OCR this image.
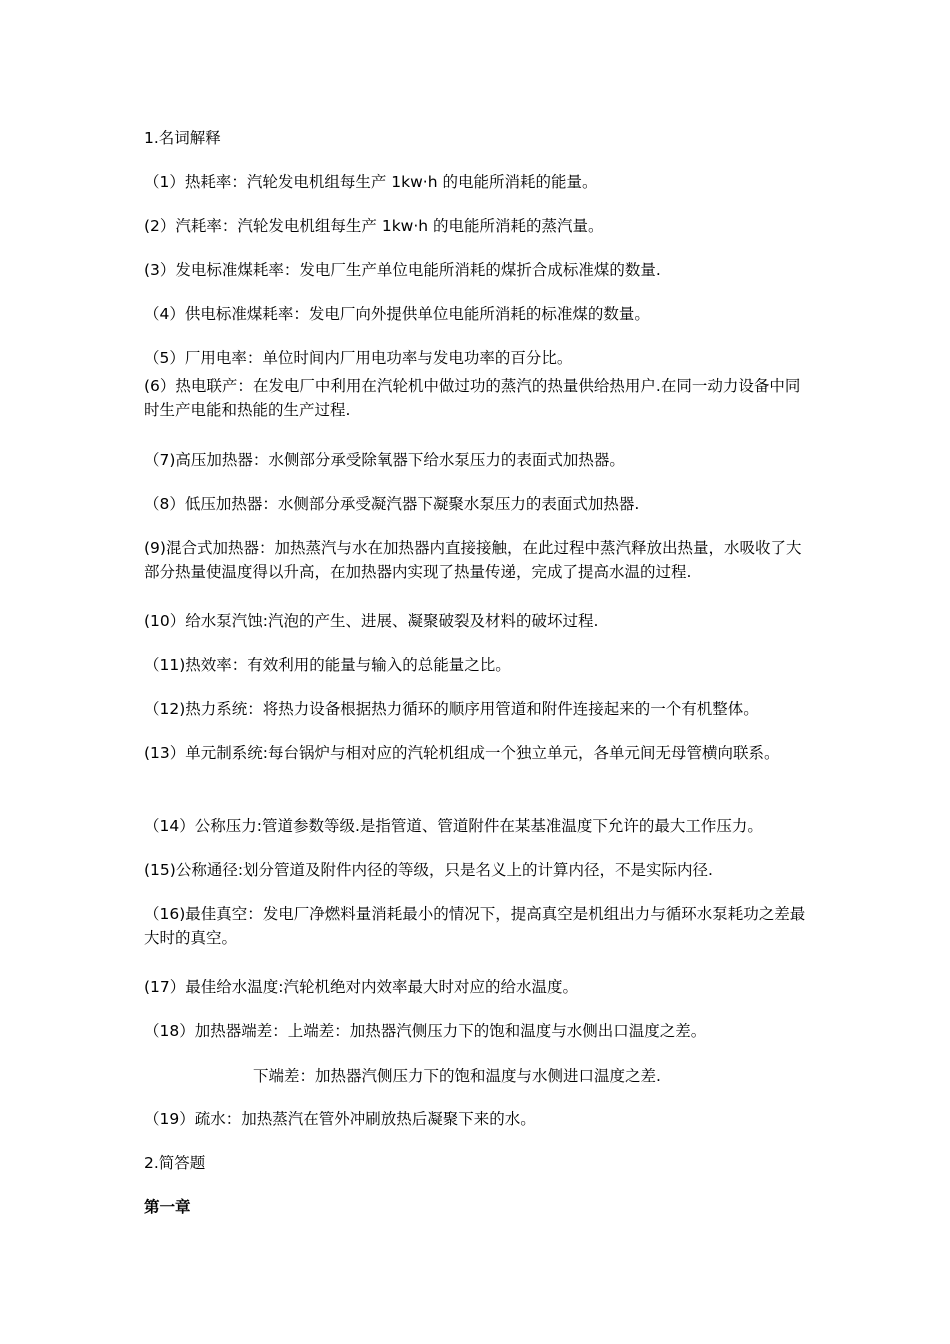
1.名词解释
（1）热耗率：汽轮发电机组每生产 1kw·h 的电能所消耗的能量。
(2）汽耗率：汽轮发电机组每生产 1kw·h 的电能所消耗的蒸汽量。
(3）发电标准煤耗率：发电厂生产单位电能所消耗的煤折合成标准煤的数量.
（4）供电标准煤耗率：发电厂向外提供单位电能所消耗的标准煤的数量。
（5）厂用电率：单位时间内厂用电功率与发电功率的百分比。
(6）热电联产：在发电厂中利用在汽轮机中做过功的蒸汽的热量供给热用户.在同一动力设备中同时生产电能和热能的生产过程.
（7)高压加热器：水侧部分承受除氧器下给水泵压力的表面式加热器。
（8）低压加热器：水侧部分承受凝汽器下凝聚水泵压力的表面式加热器.
(9)混合式加热器：加热蒸汽与水在加热器内直接接触，在此过程中蒸汽释放出热量，水吸收了大部分热量使温度得以升高，在加热器内实现了热量传递，完成了提高水温的过程.
(10）给水泵汽蚀:汽泡的产生、进展、凝聚破裂及材料的破坏过程.
（11)热效率：有效利用的能量与输入的总能量之比。
（12)热力系统：将热力设备根据热力循环的顺序用管道和附件连接起来的一个有机整体。
(13）单元制系统:每台锅炉与相对应的汽轮机组成一个独立单元，各单元间无母管横向联系。
（14）公称压力:管道参数等级.是指管道、管道附件在某基准温度下允许的最大工作压力。
(15)公称通径:划分管道及附件内径的等级，只是名义上的计算内径，不是实际内径.
（16)最佳真空：发电厂净燃料量消耗最小的情况下，提高真空是机组出力与循环水泵耗功之差最大时的真空。
(17）最佳给水温度:汽轮机绝对内效率最大时对应的给水温度。
（18）加热器端差：上端差：加热器汽侧压力下的饱和温度与水侧出口温度之差。
下端差：加热器汽侧压力下的饱和温度与水侧进口温度之差.
（19）疏水：加热蒸汽在管外冲刷放热后凝聚下来的水。
2.简答题
第一章
